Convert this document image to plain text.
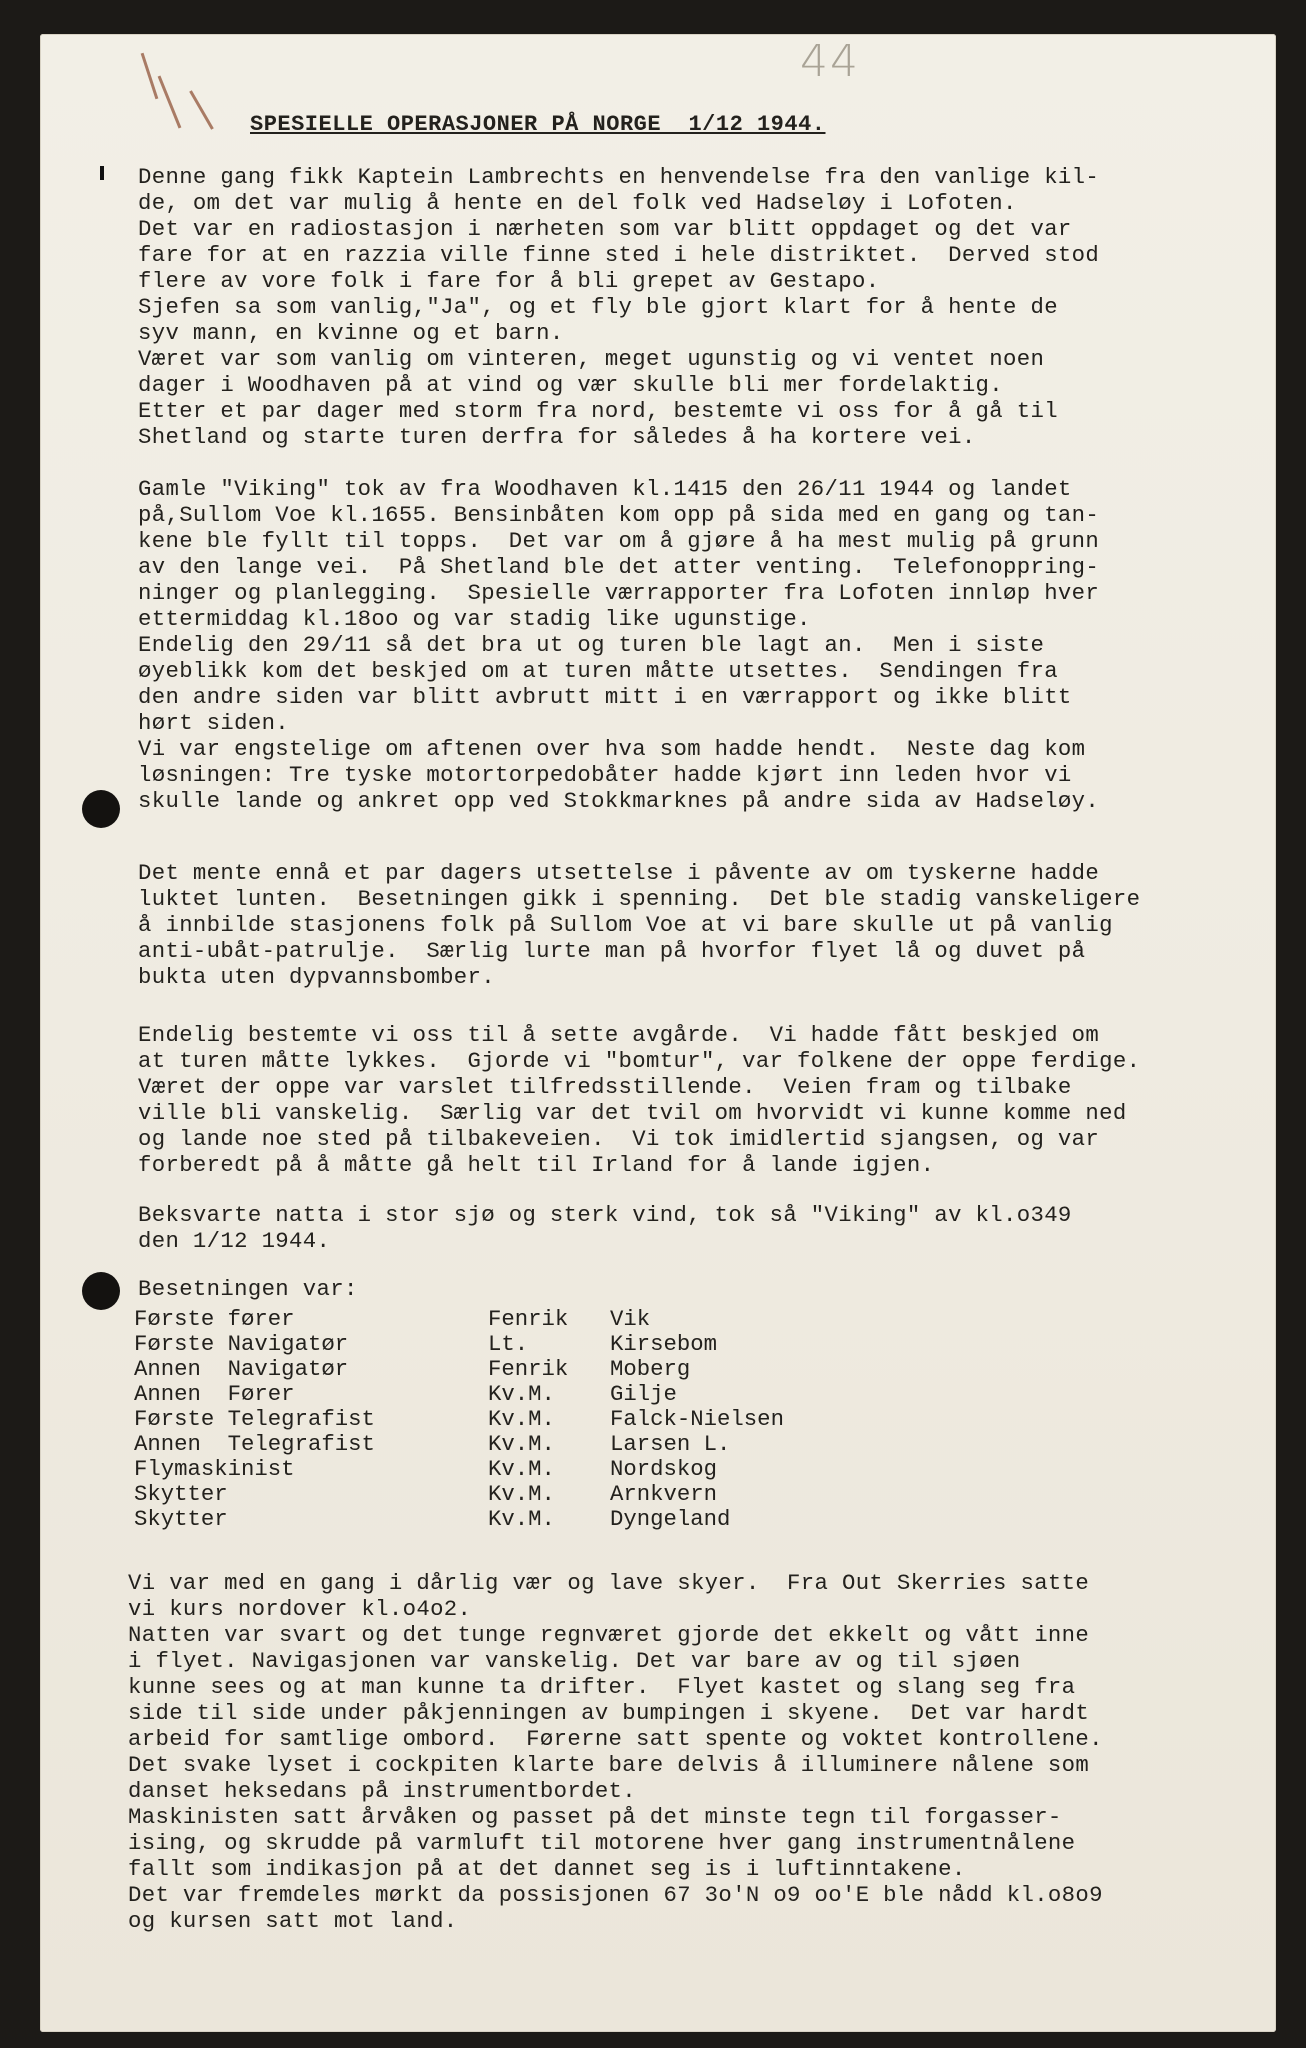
44
SPESIELLE OPERASJONER PÅ NORGE  1/12 1944.
Denne gang fikk Kaptein Lambrechts en henvendelse fra den vanlige kil-
de, om det var mulig å hente en del folk ved Hadseløy i Lofoten.
Det var en radiostasjon i nærheten som var blitt oppdaget og det var
fare for at en razzia ville finne sted i hele distriktet.  Derved stod
flere av vore folk i fare for å bli grepet av Gestapo.
Sjefen sa som vanlig,"Ja", og et fly ble gjort klart for å hente de
syv mann, en kvinne og et barn.
Været var som vanlig om vinteren, meget ugunstig og vi ventet noen
dager i Woodhaven på at vind og vær skulle bli mer fordelaktig.
Etter et par dager med storm fra nord, bestemte vi oss for å gå til
Shetland og starte turen derfra for således å ha kortere vei.
Gamle "Viking" tok av fra Woodhaven kl.1415 den 26/11 1944 og landet
på,Sullom Voe kl.1655. Bensinbåten kom opp på sida med en gang og tan-
kene ble fyllt til topps.  Det var om å gjøre å ha mest mulig på grunn
av den lange vei.  På Shetland ble det atter venting.  Telefonoppring-
ninger og planlegging.  Spesielle værrapporter fra Lofoten innløp hver
ettermiddag kl.18oo og var stadig like ugunstige.
Endelig den 29/11 så det bra ut og turen ble lagt an.  Men i siste
øyeblikk kom det beskjed om at turen måtte utsettes.  Sendingen fra
den andre siden var blitt avbrutt mitt i en værrapport og ikke blitt
hørt siden.
Vi var engstelige om aftenen over hva som hadde hendt.  Neste dag kom
løsningen: Tre tyske motortorpedobåter hadde kjørt inn leden hvor vi
skulle lande og ankret opp ved Stokkmarknes på andre sida av Hadseløy.
Det mente ennå et par dagers utsettelse i påvente av om tyskerne hadde
luktet lunten.  Besetningen gikk i spenning.  Det ble stadig vanskeligere
å innbilde stasjonens folk på Sullom Voe at vi bare skulle ut på vanlig
anti-ubåt-patrulje.  Særlig lurte man på hvorfor flyet lå og duvet på
bukta uten dypvannsbomber.
Endelig bestemte vi oss til å sette avgårde.  Vi hadde fått beskjed om
at turen måtte lykkes.  Gjorde vi "bomtur", var folkene der oppe ferdige.
Været der oppe var varslet tilfredsstillende.  Veien fram og tilbake
ville bli vanskelig.  Særlig var det tvil om hvorvidt vi kunne komme ned
og lande noe sted på tilbakeveien.  Vi tok imidlertid sjangsen, og var
forberedt på å måtte gå helt til Irland for å lande igjen.
Beksvarte natta i stor sjø og sterk vind, tok så "Viking" av kl.o349
den 1/12 1944.
Besetningen var:
Første fører	Fenrik Vik
Første Navigatør	Lt.	Kirsebom
Annen  Navigatør	Fenrik Moberg
Annen  Fører	Kv.M. Gilje
Første Telegrafist	Kv.M. Falck-Nielsen
Annen  Telegrafist	Kv.M. Larsen L.
Flymaskinist	Kv.M. Nordskog
Skytter	Kv.M. Arnkvern
Skytter	Kv.M. Dyngeland
Vi var med en gang i dårlig vær og lave skyer.  Fra Out Skerries satte
vi kurs nordover kl.o4o2.
Natten var svart og det tunge regnværet gjorde det ekkelt og vått inne
i flyet. Navigasjonen var vanskelig. Det var bare av og til sjøen
kunne sees og at man kunne ta drifter.  Flyet kastet og slang seg fra
side til side under påkjenningen av bumpingen i skyene.  Det var hardt
arbeid for samtlige ombord.  Førerne satt spente og voktet kontrollene.
Det svake lyset i cockpiten klarte bare delvis å illuminere nålene som
danset heksedans på instrumentbordet.
Maskinisten satt årvåken og passet på det minste tegn til forgasser-
ising, og skrudde på varmluft til motorene hver gang instrumentnålene
fallt som indikasjon på at det dannet seg is i luftinntakene.
Det var fremdeles mørkt da possisjonen 67 3o'N o9 oo'E ble nådd kl.o8o9
og kursen satt mot land.
